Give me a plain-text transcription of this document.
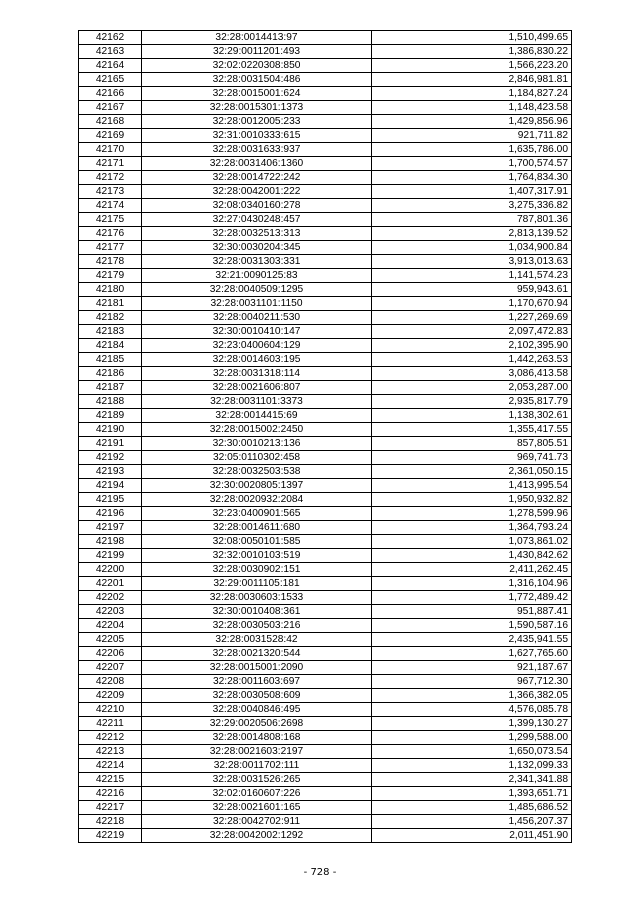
42162	32:28:0014413:97	1,510,499.65
42163	32:29:0011201:493	1,386,830.22
42164	32:02:0220308:850	1,566,223.20
42165	32:28:0031504:486	2,846,981.81
42166	32:28:0015001:624	1,184,827.24
42167	32:28:0015301:1373	1,148,423.58
42168	32:28:0012005:233	1,429,856.96
42169	32:31:0010333:615	921,711.82
42170	32:28:0031633:937	1,635,786.00
42171	32:28:0031406:1360	1,700,574.57
42172	32:28:0014722:242	1,764,834.30
42173	32:28:0042001:222	1,407,317.91
42174	32:08:0340160:278	3,275,336.82
42175	32:27:0430248:457	787,801.36
42176	32:28:0032513:313	2,813,139.52
42177	32:30:0030204:345	1,034,900.84
42178	32:28:0031303:331	3,913,013.63
42179	32:21:0090125:83	1,141,574.23
42180	32:28:0040509:1295	959,943.61
42181	32:28:0031101:1150	1,170,670.94
42182	32:28:0040211:530	1,227,269.69
42183	32:30:0010410:147	2,097,472.83
42184	32:23:0400604:129	2,102,395.90
42185	32:28:0014603:195	1,442,263.53
42186	32:28:0031318:114	3,086,413.58
42187	32:28:0021606:807	2,053,287.00
42188	32:28:0031101:3373	2,935,817.79
42189	32:28:0014415:69	1,138,302.61
42190	32:28:0015002:2450	1,355,417.55
42191	32:30:0010213:136	857,805.51
42192	32:05:0110302:458	969,741.73
42193	32:28:0032503:538	2,361,050.15
42194	32:30:0020805:1397	1,413,995.54
42195	32:28:0020932:2084	1,950,932.82
42196	32:23:0400901:565	1,278,599.96
42197	32:28:0014611:680	1,364,793.24
42198	32:08:0050101:585	1,073,861.02
42199	32:32:0010103:519	1,430,842.62
42200	32:28:0030902:151	2,411,262.45
42201	32:29:0011105:181	1,316,104.96
42202	32:28:0030603:1533	1,772,489.42
42203	32:30:0010408:361	951,887.41
42204	32:28:0030503:216	1,590,587.16
42205	32:28:0031528:42	2,435,941.55
42206	32:28:0021320:544	1,627,765.60
42207	32:28:0015001:2090	921,187.67
42208	32:28:0011603:697	967,712.30
42209	32:28:0030508:609	1,366,382.05
42210	32:28:0040846:495	4,576,085.78
42211	32:29:0020506:2698	1,399,130.27
42212	32:28:0014808:168	1,299,588.00
42213	32:28:0021603:2197	1,650,073.54
42214	32:28:0011702:111	1,132,099.33
42215	32:28:0031526:265	2,341,341.88
42216	32:02:0160607:226	1,393,651.71
42217	32:28:0021601:165	1,485,686.52
42218	32:28:0042702:911	1,456,207.37
42219	32:28:0042002:1292	2,011,451.90
- 728 -
